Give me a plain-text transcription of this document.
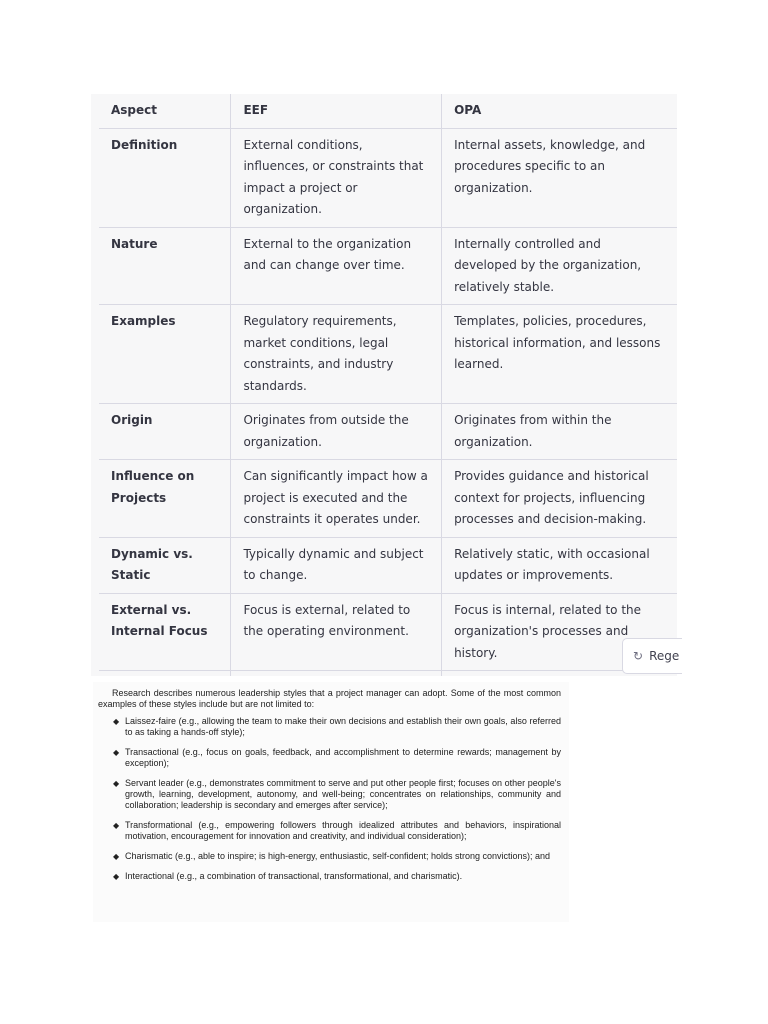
Aspect	EEF	OPA
Definition	External conditions, influences, or constraints that impact a project or organization.	Internal assets, knowledge, and procedures specific to an organization.
Nature	External to the organization and can change over time.	Internally controlled and developed by the organization, relatively stable.
Examples	Regulatory requirements, market conditions, legal constraints, and industry standards.	Templates, policies, procedures, historical information, and lessons learned.
Origin	Originates from outside the organization.	Originates from within the organization.
Influence on Projects	Can significantly impact how a project is executed and the constraints it operates under.	Provides guidance and historical context for projects, influencing processes and decision-making.
Dynamic vs. Static	Typically dynamic and subject to change.	Relatively static, with occasional updates or improvements.
External vs. Internal Focus	Focus is external, related to the operating environment.	Focus is internal, related to the organization's processes and history.

			↻ Rege

Research describes numerous leadership styles that a project manager can adopt. Some of the most common examples of these styles include but are not limited to:

◆ Laissez-faire (e.g., allowing the team to make their own decisions and establish their own goals, also referred to as taking a hands-off style);
◆ Transactional (e.g., focus on goals, feedback, and accomplishment to determine rewards; management by exception);
◆ Servant leader (e.g., demonstrates commitment to serve and put other people first; focuses on other people's growth, learning, development, autonomy, and well-being; concentrates on relationships, community and collaboration; leadership is secondary and emerges after service);
◆ Transformational (e.g., empowering followers through idealized attributes and behaviors, inspirational motivation, encouragement for innovation and creativity, and individual consideration);
◆ Charismatic (e.g., able to inspire; is high-energy, enthusiastic, self-confident; holds strong convictions); and
◆ Interactional (e.g., a combination of transactional, transformational, and charismatic).
